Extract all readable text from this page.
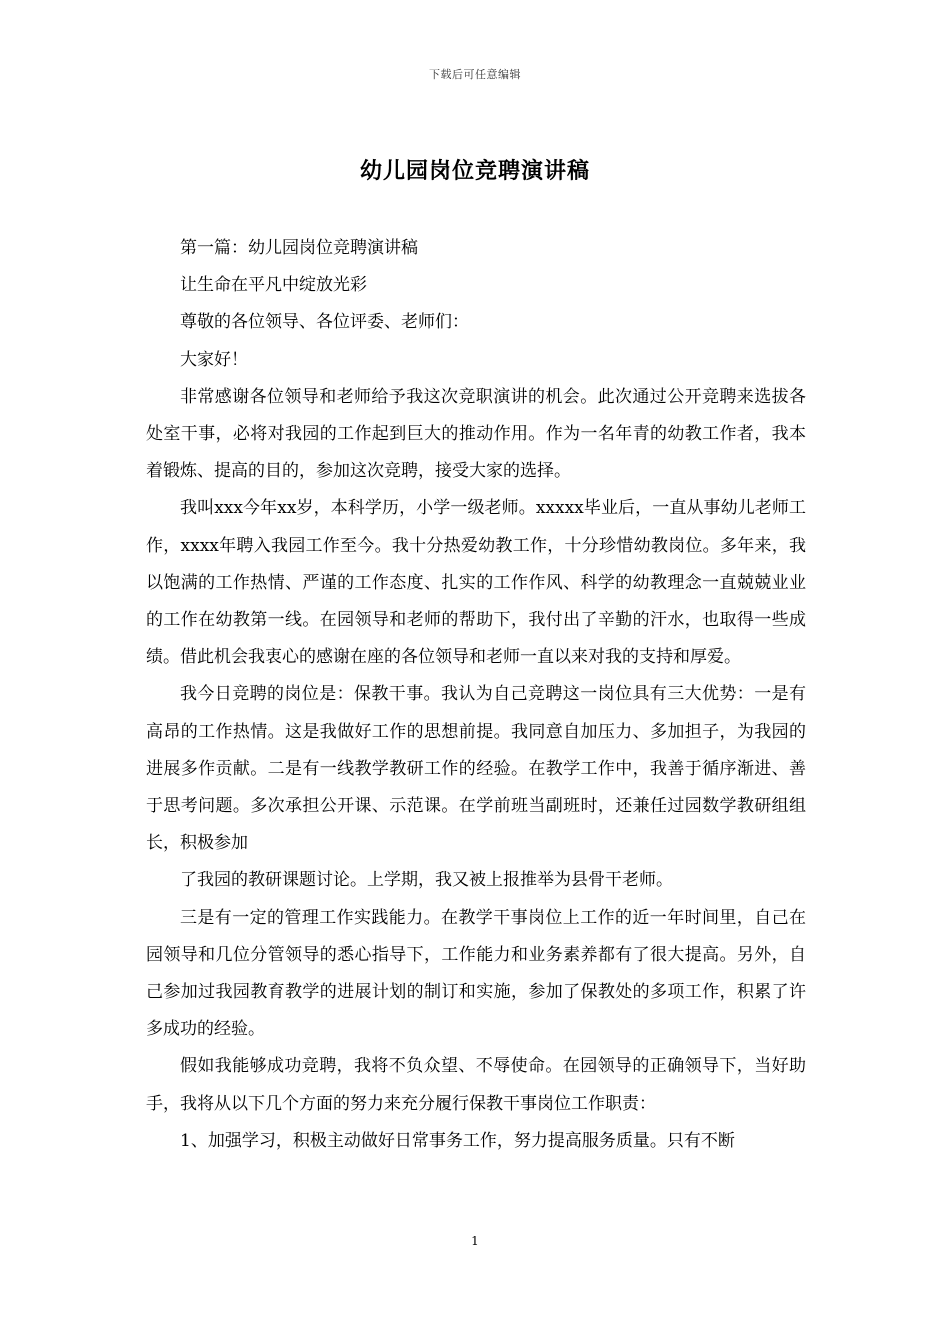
下载后可任意编辑
幼儿园岗位竞聘演讲稿

第一篇：幼儿园岗位竞聘演讲稿

让生命在平凡中绽放光彩

尊敬的各位领导、各位评委、老师们：

大家好！

非常感谢各位领导和老师给予我这次竞职演讲的机会。此次通过公开竞聘来选拔各处室干事，必将对我园的工作起到巨大的推动作用。作为一名年青的幼教工作者，我本着锻炼、提高的目的，参加这次竞聘，接受大家的选择。

我叫xxx今年xx岁，本科学历，小学一级老师。xxxxx毕业后，一直从事幼儿老师工作，xxxx年聘入我园工作至今。我十分热爱幼教工作，十分珍惜幼教岗位。多年来，我以饱满的工作热情、严谨的工作态度、扎实的工作作风、科学的幼教理念一直兢兢业业的工作在幼教第一线。在园领导和老师的帮助下，我付出了辛勤的汗水，也取得一些成绩。借此机会我衷心的感谢在座的各位领导和老师一直以来对我的支持和厚爱。

我今日竞聘的岗位是：保教干事。我认为自己竞聘这一岗位具有三大优势：一是有高昂的工作热情。这是我做好工作的思想前提。我同意自加压力、多加担子，为我园的进展多作贡献。二是有一线教学教研工作的经验。在教学工作中，我善于循序渐进、善于思考问题。多次承担公开课、示范课。在学前班当副班时，还兼任过园数学教研组组长，积极参加

了我园的教研课题讨论。上学期，我又被上报推举为县骨干老师。

三是有一定的管理工作实践能力。在教学干事岗位上工作的近一年时间里，自己在园领导和几位分管领导的悉心指导下，工作能力和业务素养都有了很大提高。另外，自己参加过我园教育教学的进展计划的制订和实施，参加了保教处的多项工作，积累了许多成功的经验。

假如我能够成功竞聘，我将不负众望、不辱使命。在园领导的正确领导下，当好助手，我将从以下几个方面的努力来充分履行保教干事岗位工作职责：

1、加强学习，积极主动做好日常事务工作，努力提高服务质量。只有不断

1
